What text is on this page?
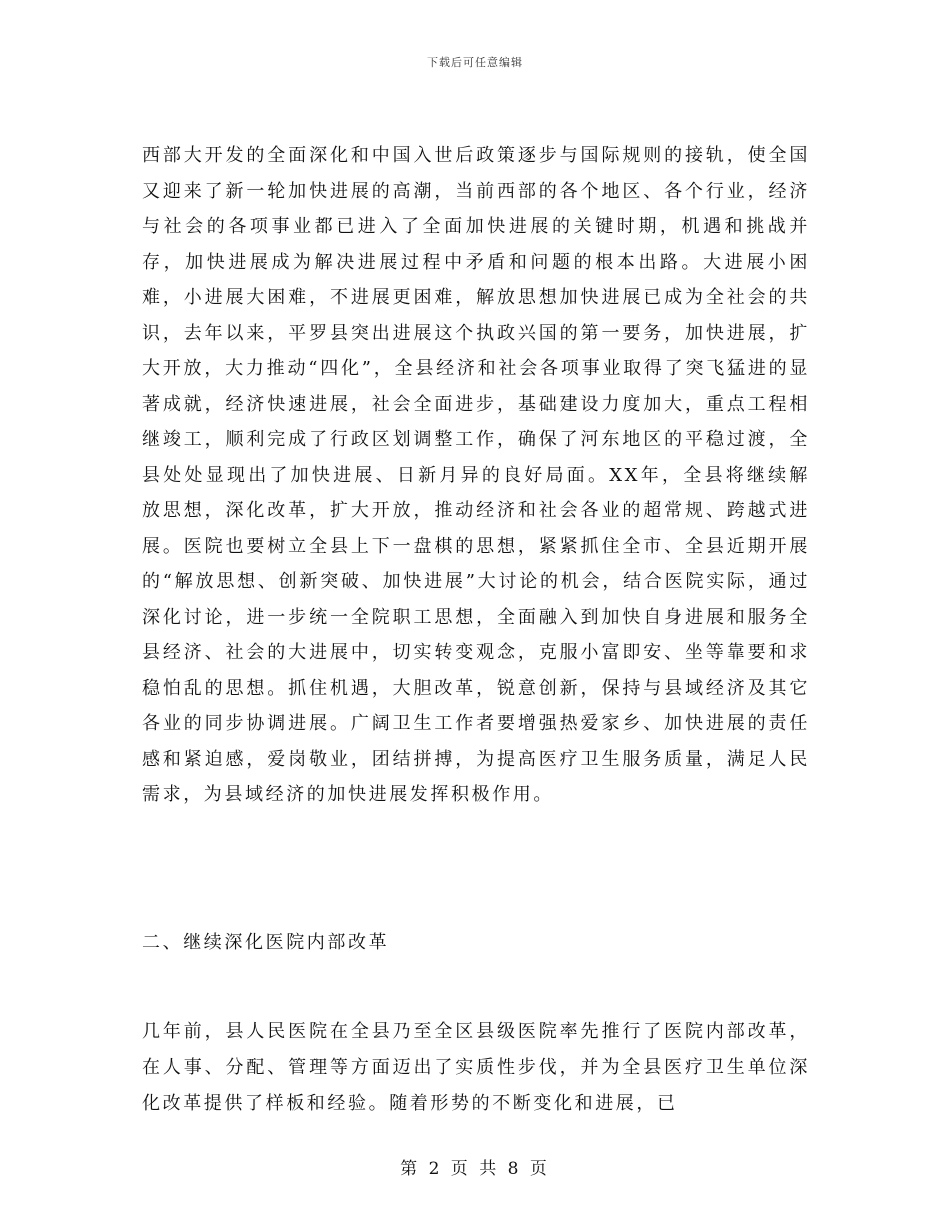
下载后可任意编辑

西部大开发的全面深化和中国入世后政策逐步与国际规则的接轨，使全国又迎来了新一轮加快进展的高潮，当前西部的各个地区、各个行业，经济与社会的各项事业都已进入了全面加快进展的关键时期，机遇和挑战并存，加快进展成为解决进展过程中矛盾和问题的根本出路。大进展小困难，小进展大困难，不进展更困难，解放思想加快进展已成为全社会的共识，去年以来，平罗县突出进展这个执政兴国的第一要务，加快进展，扩大开放，大力推动“四化”，全县经济和社会各项事业取得了突飞猛进的显著成就，经济快速进展，社会全面进步，基础建设力度加大，重点工程相继竣工，顺利完成了行政区划调整工作，确保了河东地区的平稳过渡，全县处处显现出了加快进展、日新月异的良好局面。XX年，全县将继续解放思想，深化改革，扩大开放，推动经济和社会各业的超常规、跨越式进展。医院也要树立全县上下一盘棋的思想，紧紧抓住全市、全县近期开展的“解放思想、创新突破、加快进展”大讨论的机会，结合医院实际，通过深化讨论，进一步统一全院职工思想，全面融入到加快自身进展和服务全县经济、社会的大进展中，切实转变观念，克服小富即安、坐等靠要和求稳怕乱的思想。抓住机遇，大胆改革，锐意创新，保持与县域经济及其它各业的同步协调进展。广阔卫生工作者要增强热爱家乡、加快进展的责任感和紧迫感，爱岗敬业，团结拼搏，为提高医疗卫生服务质量，满足人民需求，为县域经济的加快进展发挥积极作用。

二、继续深化医院内部改革

几年前，县人民医院在全县乃至全区县级医院率先推行了医院内部改革，在人事、分配、管理等方面迈出了实质性步伐，并为全县医疗卫生单位深化改革提供了样板和经验。随着形势的不断变化和进展，已

第 2 页 共 8 页
